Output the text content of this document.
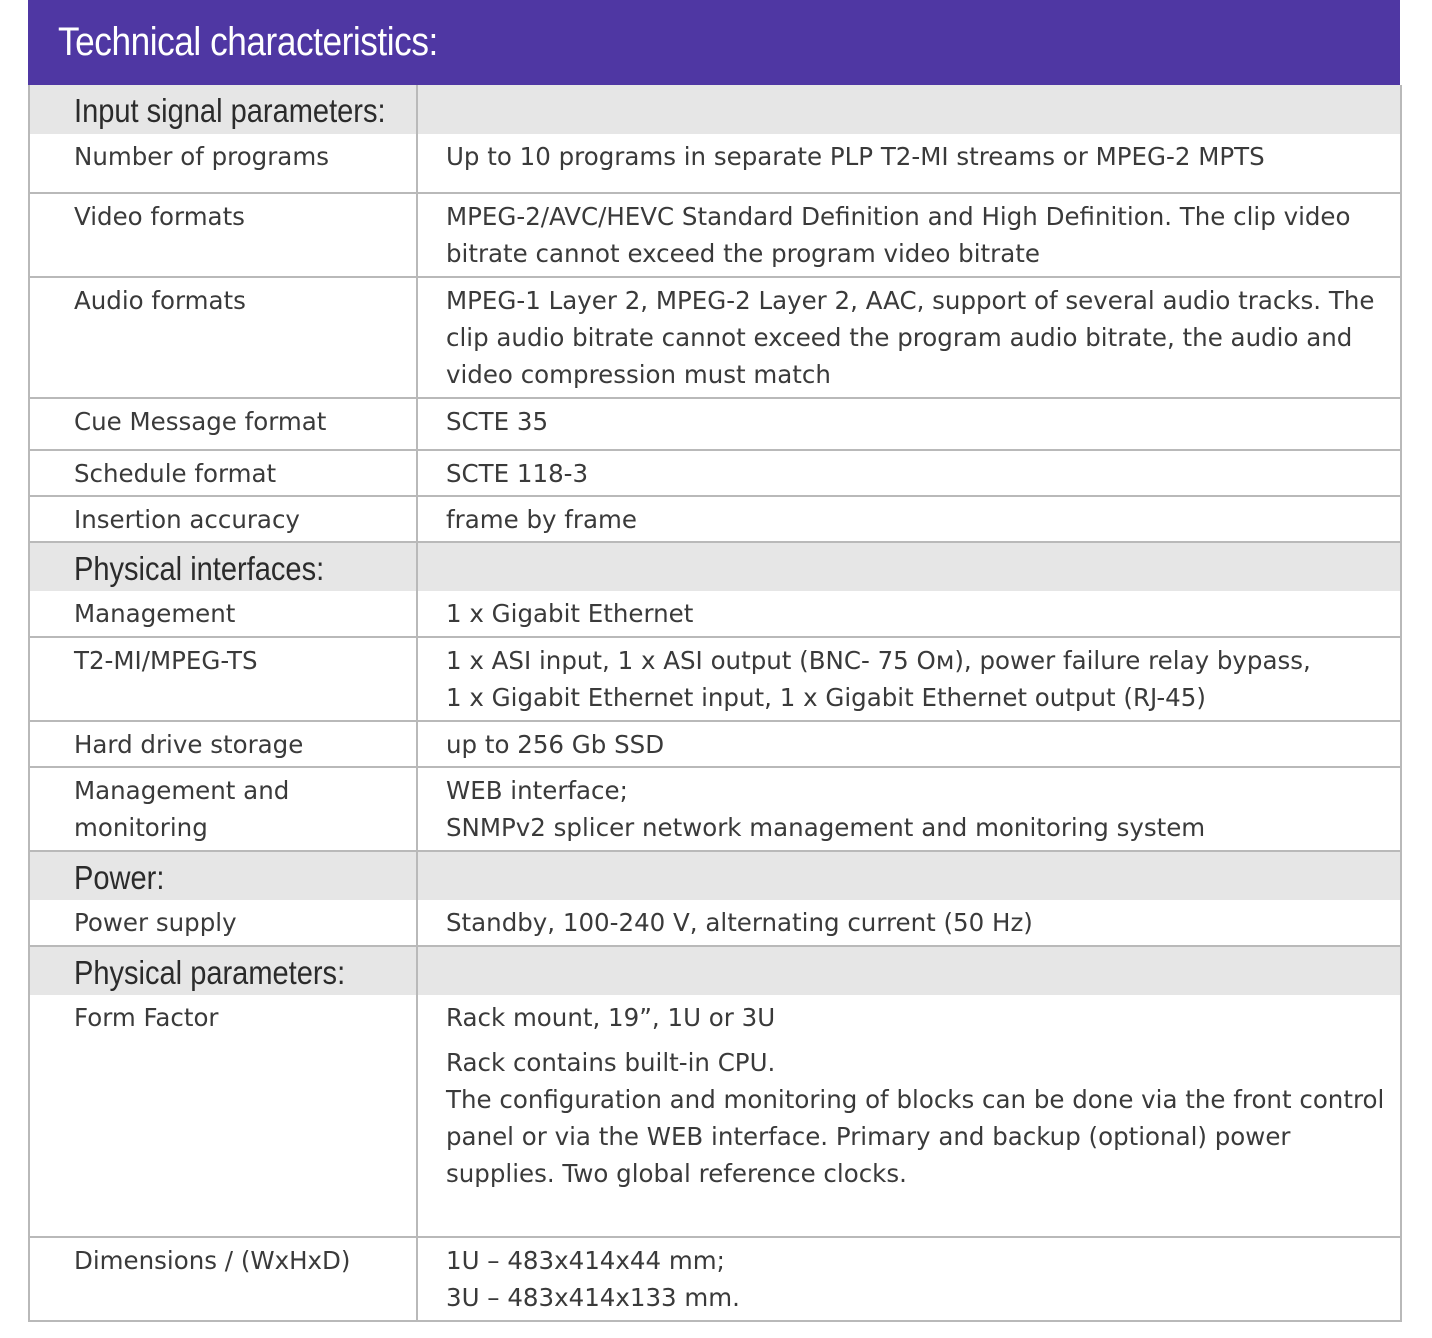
Technical characteristics:
Input signal parameters:	
Number of programs	Up to 10 programs in separate PLP T2-MI streams or MPEG-2 MPTS
Video formats	MPEG-2/AVC/HEVC Standard Definition and High Definition. The clip video bitrate cannot exceed the program video bitrate
Audio formats	MPEG-1 Layer 2, MPEG-2 Layer 2, AAC, support of several audio tracks. The clip audio bitrate cannot exceed the program audio bitrate, the audio and video compression must match
Cue Message format	SCTE 35
Schedule format	SCTE 118-3
Insertion accuracy	frame by frame
Physical interfaces:	
Management	1 x Gigabit Ethernet
T2-MI/MPEG-TS	1 x ASI input, 1 x ASI output (BNC- 75 Ом), power failure relay bypass,
1 x Gigabit Ethernet input, 1 x Gigabit Ethernet output (RJ-45)

Hard drive storage	up to 256 Gb SSD
Management and monitoring	WEB interface;
SNMPv2 splicer network management and monitoring system

Power:	
Power supply	Standby, 100-240 V, alternating current (50 Hz)
Physical parameters:	
Form Factor	Rack mount, 19”, 1U or 3U
Rack contains built-in CPU.
The configuration and monitoring of blocks can be done via the front control panel or via the WEB interface. Primary and backup (optional) power supplies. Two global reference clocks.

Dimensions / (WxHxD)	1U – 483x414x44 mm;
3U – 483x414x133 mm.
